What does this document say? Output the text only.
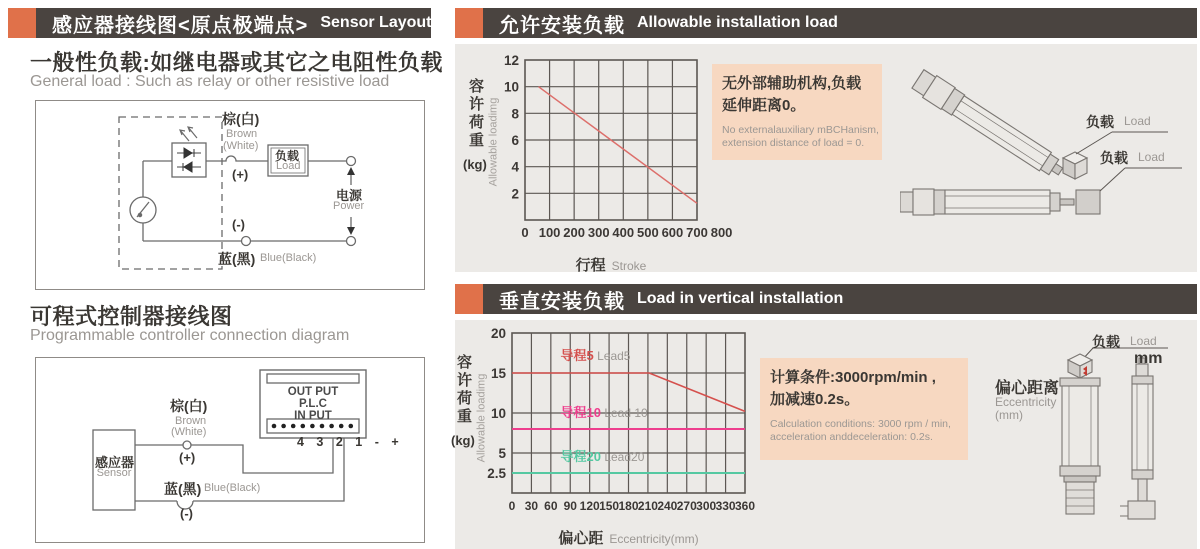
感应器接线图<原点极端点> Sensor Layout
一般性负载:如继电器或其它之电阻性负载
General load : Such as relay or other resistive load
棕(白)
Brown
(White)
(+)
负载
Load
电源
Power
(-)
蓝(黑) Blue(Black)
可程式控制器接线图
Programmable controller connection diagram
感应器
Sensor
OUT PUT
P.L.C
IN PUT
4 3 2 1 - +
棕(白)
Brown
(White)
(+)
蓝(黑) Blue(Black)
(-)
允许安装负载 Allowable installation load
容许荷重
(kg) Allowable loadimg
0 100 200 300 400 500 600 700 800
2
4
6
8
10
12
行程 Stroke
无外部辅助机构,负载
延伸距离0。
No externalauxiliary mBCHanism,
extension distance of load = 0.
负载 Load
负载 Load
垂直安装负载 Load in vertical installation
容许荷重
(kg) Allowable loadimg
导程5 Lead5
导程10 Lead 10
导程20 Lead20
0 30 60 90 120 150 180 210 240 270 300 330 360
2.5
5
10
15
20
偏心距 Eccentricity(mm)
计算条件:3000rpm/min ,
加减速0.2s。
Calculation conditions: 3000 rpm / min,
acceleration anddeceleration: 0.2s.
负载 Load
mm
偏心距离
Eccentricity
(mm)
